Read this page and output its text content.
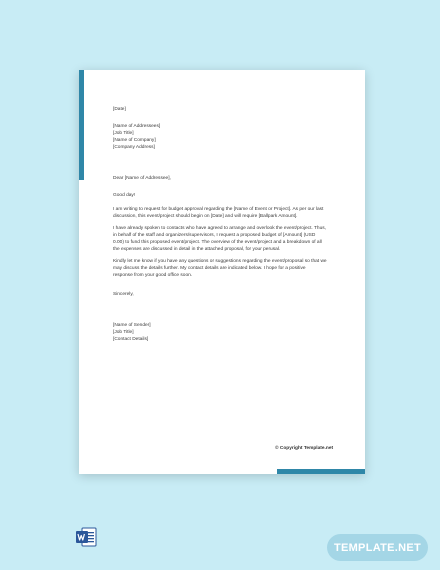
[Date]
[Name of Addressees]
[Job Title]
[Name of Company]
[Company Address]
Dear [Name of Addressee],
Good day!
I am writing to request for budget approval regarding the [Name of Event or Project]. As per our last
discussion, this event/project should begin on [Date] and will require [Ballpark Amount].
I have already spoken to contacts who have agreed to arrange and overlook the event/project. Thus,
in behalf of the staff and organizers/supervisors, I request a proposed budget of [Amount] (USD
0.00) to fund this proposed event/project. The overview of the event/project and a breakdown of all
the expenses are discussed in detail in the attached proposal, for your perusal.
Kindly let me know if you have any questions or suggestions regarding the event/proposal so that we
may discuss the details further. My contact details are indicated below. I hope for a positive
response from your good office soon.
Sincerely,
[Name of Sender]
[Job Title]
[Contact Details]
© Copyright Template.net
TEMPLATE.NET
